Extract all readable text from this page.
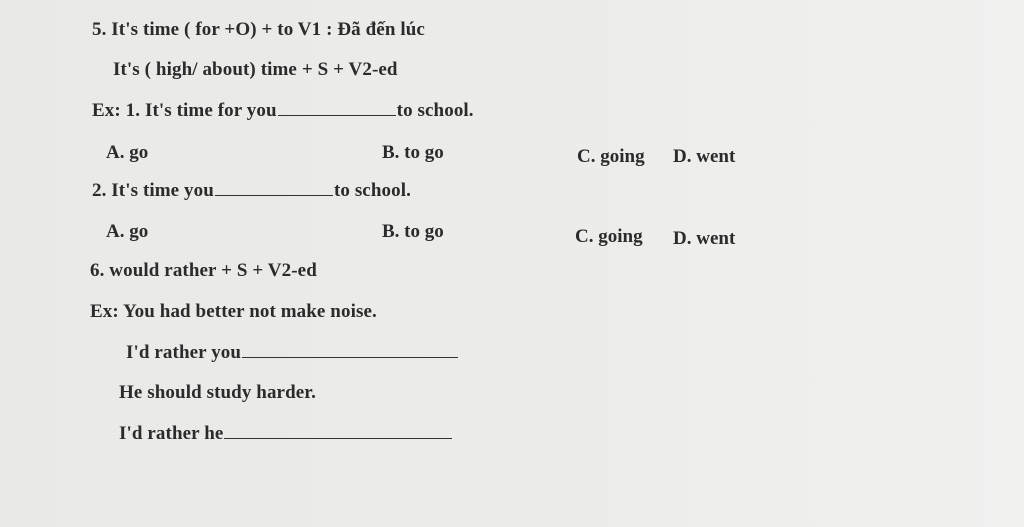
5. It's time ( for +O) + to V1 : Đã đến lúc
It's ( high/ about) time + S + V2-ed
Ex: 1. It's time for you	to school.
A. go	B. to go	C. going D. went
2. It's time you	to school.
A. go	B. to go	C. going D. went
6. would rather + S + V2-ed
Ex: You had better not make noise.
I'd rather you
He should study harder.
I'd rather he
